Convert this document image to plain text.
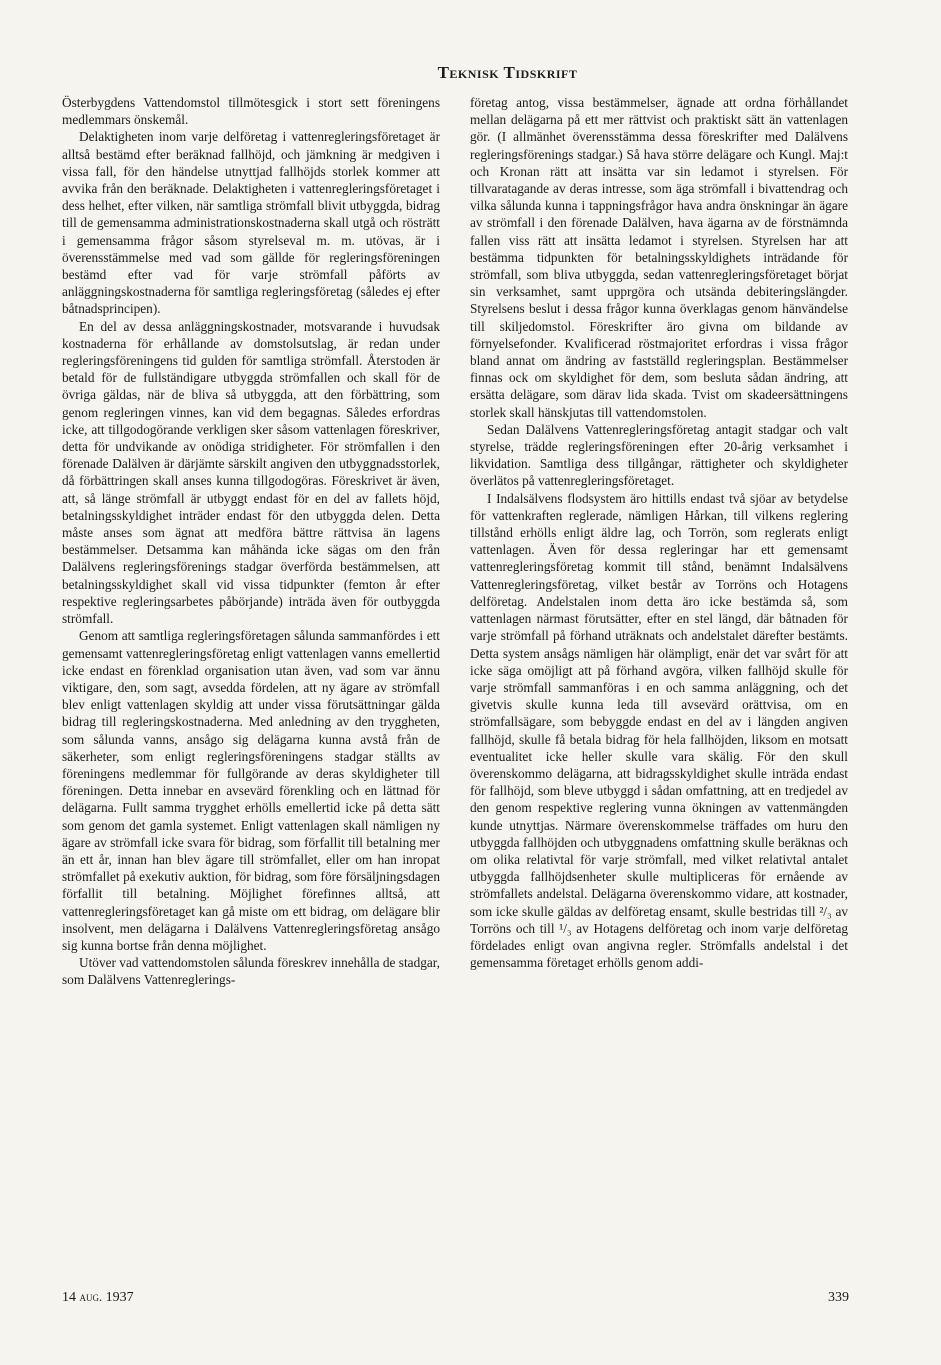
Teknisk Tidskrift

Österbygdens Vattendomstol tillmötesgick i stort sett föreningens medlemmars önskemål.

Delaktigheten inom varje delföretag i vattenregleringsföretaget är alltså bestämd efter beräknad fallhöjd, och jämkning är medgiven i vissa fall, för den händelse utnyttjad fallhöjds storlek kommer att avvika från den beräknade. Delaktigheten i vattenregleringsföretaget i dess helhet, efter vilken, när samtliga strömfall blivit utbyggda, bidrag till de gemensamma administrationskostnaderna skall utgå och rösträtt i gemensamma frågor såsom styrelseval m. m. utövas, är i överensstämmelse med vad som gällde för regleringsföreningen bestämd efter vad för varje strömfall påförts av anläggningskostnaderna för samtliga regleringsföretag (således ej efter båtnadsprincipen).

En del av dessa anläggningskostnader, motsvarande i huvudsak kostnaderna för erhållande av domstolsutslag, är redan under regleringsföreningens tid gulden för samtliga strömfall. Återstoden är betald för de fullständigare utbyggda strömfallen och skall för de övriga gäldas, när de bliva så utbyggda, att den förbättring, som genom regleringen vinnes, kan vid dem begagnas. Således erfordras icke, att tillgodogörande verkligen sker såsom vattenlagen föreskriver, detta för undvikande av onödiga stridigheter. För strömfallen i den förenade Dalälven är därjämte särskilt angiven den utbyggnadsstorlek, då förbättringen skall anses kunna tillgodogöras. Föreskrivet är även, att, så länge strömfall är utbyggt endast för en del av fallets höjd, betalningsskyldighet inträder endast för den utbyggda delen. Detta måste anses som ägnat att medföra bättre rättvisa än lagens bestämmelser. Detsamma kan måhända icke sägas om den från Dalälvens regleringsförenings stadgar överförda bestämmelsen, att betalningsskyldighet skall vid vissa tidpunkter (femton år efter respektive regleringsarbetes påbörjande) inträda även för outbyggda strömfall.

Genom att samtliga regleringsföretagen sålunda sammanfördes i ett gemensamt vattenregleringsföretag enligt vattenlagen vanns emellertid icke endast en förenklad organisation utan även, vad som var ännu viktigare, den, som sagt, avsedda fördelen, att ny ägare av strömfall blev enligt vattenlagen skyldig att under vissa förutsättningar gälda bidrag till regleringskostnaderna. Med anledning av den tryggheten, som sålunda vanns, ansågo sig delägarna kunna avstå från de säkerheter, som enligt regleringsföreningens stadgar ställts av föreningens medlemmar för fullgörande av deras skyldigheter till föreningen. Detta innebar en avsevärd förenkling och en lättnad för delägarna. Fullt samma trygghet erhölls emellertid icke på detta sätt som genom det gamla systemet. Enligt vattenlagen skall nämligen ny ägare av strömfall icke svara för bidrag, som förfallit till betalning mer än ett år, innan han blev ägare till strömfallet, eller om han inropat strömfallet på exekutiv auktion, för bidrag, som före försäljningsdagen förfallit till betalning. Möjlighet förefinnes alltså, att vattenregleringsföretaget kan gå miste om ett bidrag, om delägare blir insolvent, men delägarna i Dalälvens Vattenregleringsföretag ansågo sig kunna bortse från denna möjlighet.

Utöver vad vattendomstolen sålunda föreskrev innehålla de stadgar, som Dalälvens Vattenreglerings-

företag antog, vissa bestämmelser, ägnade att ordna förhållandet mellan delägarna på ett mer rättvist och praktiskt sätt än vattenlagen gör. (I allmänhet överensstämma dessa föreskrifter med Dalälvens regleringsförenings stadgar.) Så hava större delägare och Kungl. Maj:t och Kronan rätt att insätta var sin ledamot i styrelsen. För tillvaratagande av deras intresse, som äga strömfall i bivattendrag och vilka sålunda kunna i tappningsfrågor hava andra önskningar än ägare av strömfall i den förenade Dalälven, hava ägarna av de förstnämnda fallen viss rätt att insätta ledamot i styrelsen. Styrelsen har att bestämma tidpunkten för betalningsskyldighets inträdande för strömfall, som bliva utbyggda, sedan vattenregleringsföretaget börjat sin verksamhet, samt upprgöra och utsända debiteringslängder. Styrelsens beslut i dessa frågor kunna överklagas genom hänvändelse till skiljedomstol. Föreskrifter äro givna om bildande av förnyelsefonder. Kvalificerad röstmajoritet erfordras i vissa frågor bland annat om ändring av fastställd regleringsplan. Bestämmelser finnas ock om skyldighet för dem, som besluta sådan ändring, att ersätta delägare, som därav lida skada. Tvist om skadeersättningens storlek skall hänskjutas till vattendomstolen.

Sedan Dalälvens Vattenregleringsföretag antagit stadgar och valt styrelse, trädde regleringsföreningen efter 20-årig verksamhet i likvidation. Samtliga dess tillgångar, rättigheter och skyldigheter överlätos på vattenregleringsföretaget.

I Indalsälvens flodsystem äro hittills endast två sjöar av betydelse för vattenkraften reglerade, nämligen Hårkan, till vilkens reglering tillstånd erhölls enligt äldre lag, och Torrön, som reglerats enligt vattenlagen. Även för dessa regleringar har ett gemensamt vattenregleringsföretag kommit till stånd, benämnt Indalsälvens Vattenregleringsföretag, vilket består av Torröns och Hotagens delföretag. Andelstalen inom detta äro icke bestämda så, som vattenlagen närmast förutsätter, efter en stel längd, där båtnaden för varje strömfall på förhand uträknats och andelstalet därefter bestämts. Detta system ansågs nämligen här olämpligt, enär det var svårt för att icke säga omöjligt att på förhand avgöra, vilken fallhöjd skulle för varje strömfall sammanföras i en och samma anläggning, och det givetvis skulle kunna leda till avsevärd orättvisa, om en strömfallsägare, som bebyggde endast en del av i längden angiven fallhöjd, skulle få betala bidrag för hela fallhöjden, liksom en motsatt eventualitet icke heller skulle vara skälig. För den skull överenskommo delägarna, att bidragsskyldighet skulle inträda endast för fallhöjd, som bleve utbyggd i sådan omfattning, att en tredjedel av den genom respektive reglering vunna ökningen av vattenmängden kunde utnyttjas. Närmare överenskommelse träffades om huru den utbyggda fallhöjden och utbyggnadens omfattning skulle beräknas och om olika relativtal för varje strömfall, med vilket relativtal antalet utbyggda fallhöjdsenheter skulle multipliceras för ernående av strömfallets andelstal. Delägarna överenskommo vidare, att kostnader, som icke skulle gäldas av delföretag ensamt, skulle bestridas till ²/₃ av Torröns och till ¹/₃ av Hotagens delföretag och inom varje delföretag fördelades enligt ovan angivna regler. Strömfalls andelstal i det gemensamma företaget erhölls genom addi-

14 aug. 1937	339
